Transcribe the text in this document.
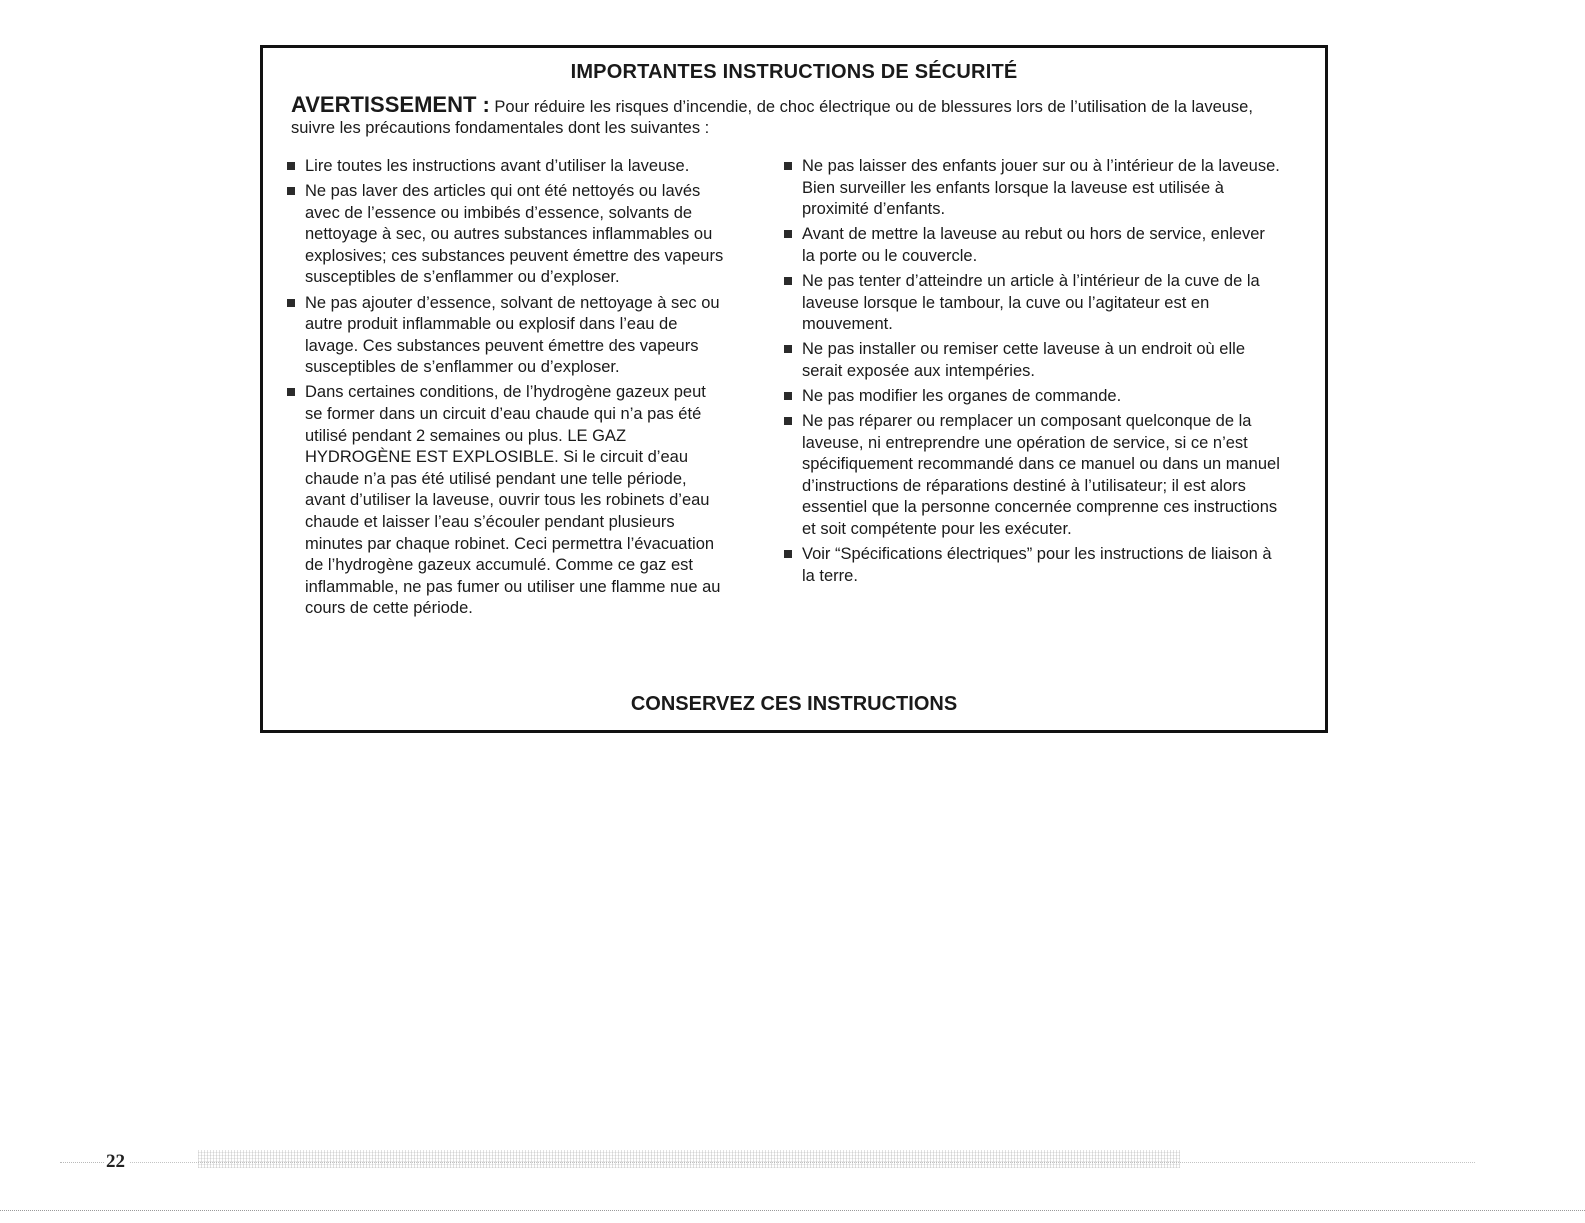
IMPORTANTES INSTRUCTIONS DE SÉCURITÉ

AVERTISSEMENT : Pour réduire les risques d’incendie, de choc électrique ou de blessures lors de l’utilisation de la laveuse, suivre les précautions fondamentales dont les suivantes :

Lire toutes les instructions avant d’utiliser la laveuse.
Ne pas laver des articles qui ont été nettoyés ou lavés avec de l’essence ou imbibés d’essence, solvants de nettoyage à sec, ou autres substances inflammables ou explosives; ces substances peuvent émettre des vapeurs susceptibles de s’enflammer ou d’exploser.
Ne pas ajouter d’essence, solvant de nettoyage à sec ou autre produit inflammable ou explosif dans l’eau de lavage. Ces substances peuvent émettre des vapeurs susceptibles de s’enflammer ou d’exploser.
Dans certaines conditions, de l’hydrogène gazeux peut se former dans un circuit d’eau chaude qui n’a pas été utilisé pendant 2 semaines ou plus. LE GAZ HYDROGÈNE EST EXPLOSIBLE. Si le circuit d’eau chaude n’a pas été utilisé pendant une telle période, avant d’utiliser la laveuse, ouvrir tous les robinets d’eau chaude et laisser l’eau s’écouler pendant plusieurs minutes par chaque robinet. Ceci permettra l’évacuation de l’hydrogène gazeux accumulé. Comme ce gaz est inflammable, ne pas fumer ou utiliser une flamme nue au cours de cette période.
Ne pas laisser des enfants jouer sur ou à l’intérieur de la laveuse. Bien surveiller les enfants lorsque la laveuse est utilisée à proximité d’enfants.
Avant de mettre la laveuse au rebut ou hors de service, enlever la porte ou le couvercle.
Ne pas tenter d’atteindre un article à l’intérieur de la cuve de la laveuse lorsque le tambour, la cuve ou l’agitateur est en mouvement.
Ne pas installer ou remiser cette laveuse à un endroit où elle serait exposée aux intempéries.
Ne pas modifier les organes de commande.
Ne pas réparer ou remplacer un composant quelconque de la laveuse, ni entreprendre une opération de service, si ce n’est spécifiquement recommandé dans ce manuel ou dans un manuel d’instructions de réparations destiné à l’utilisateur; il est alors essentiel que la personne concernée comprenne ces instructions et soit compétente pour les exécuter.
Voir “Spécifications électriques” pour les instructions de liaison à la terre.
CONSERVEZ CES INSTRUCTIONS
22
